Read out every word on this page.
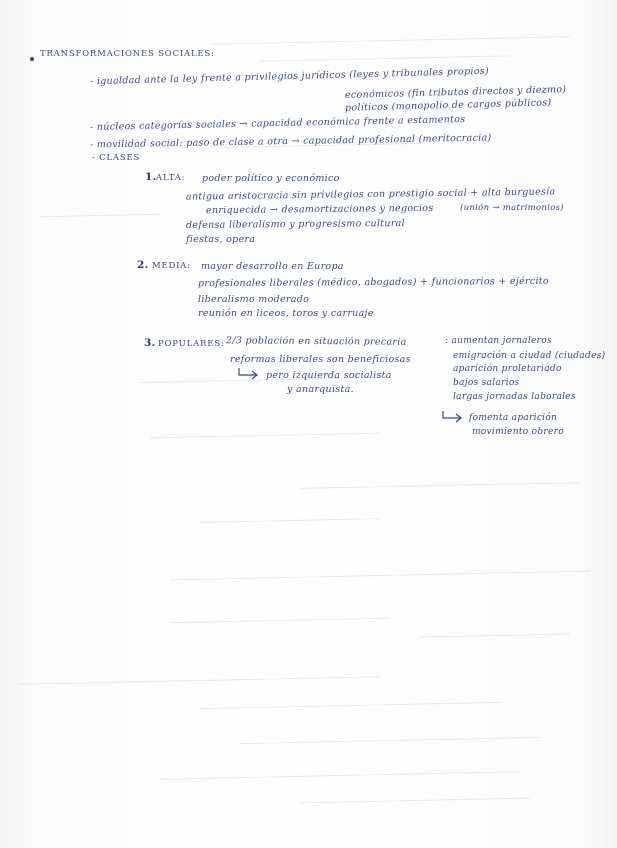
TRANSFORMACIONES SOCIALES:
- igualdad ante la ley frente a privilegios jurídicos (leyes y tribunales propios)
económicos (fin tributos directos y diezmo)
políticos (monopolio de cargos públicos)
- núcleos categorías sociales → capacidad económica frente a estamentos
- movilidad social: paso de clase a otra → capacidad profesional (meritocracia)
- CLASES
1. ALTA: poder político y económico
antigua aristocracia sin privilegios con prestigio social + alta burguesía
enriquecida → desamortizaciones y negocios	(unión → matrimonios)
defensa liberalismo y progresismo cultural
fiestas, opera
2. MEDIA: mayor desarrollo en Europa
profesionales liberales (médico, abogados) + funcionarios + ejército
liberalismo moderado
reunión en liceos, toros y carruaje
3. POPULARES: 2/3 población en situación precaria
reformas liberales son beneficiosas
pero izquierda socialista
y anarquista.
: aumentan jornaleros
emigración a ciudad (ciudades)
aparición proletariado
bajos salarios
largas jornadas laborales
fomenta aparición
movimiento obrero
